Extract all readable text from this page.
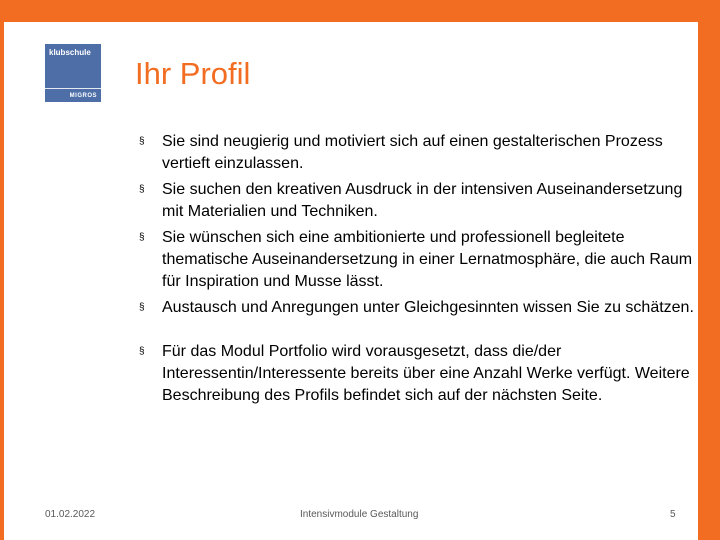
klubschule
MIGROS
Ihr Profil
§ Sie sind neugierig und motiviert sich auf einen gestalterischen Prozess vertieft einzulassen.
§ Sie suchen den kreativen Ausdruck in der intensiven Auseinandersetzung mit Materialien und Techniken.
§ Sie wünschen sich eine ambitionierte und professionell begleitete thematische Auseinandersetzung in einer Lernatmosphäre, die auch Raum für Inspiration und Musse lässt.
§ Austausch und Anregungen unter Gleichgesinnten wissen Sie zu schätzen.
§ Für das Modul Portfolio wird vorausgesetzt, dass die/der Interessentin/Interessente bereits über eine Anzahl Werke verfügt. Weitere Beschreibung des Profils befindet sich auf der nächsten Seite.
01.02.2022	Intensivmodule Gestaltung	5
